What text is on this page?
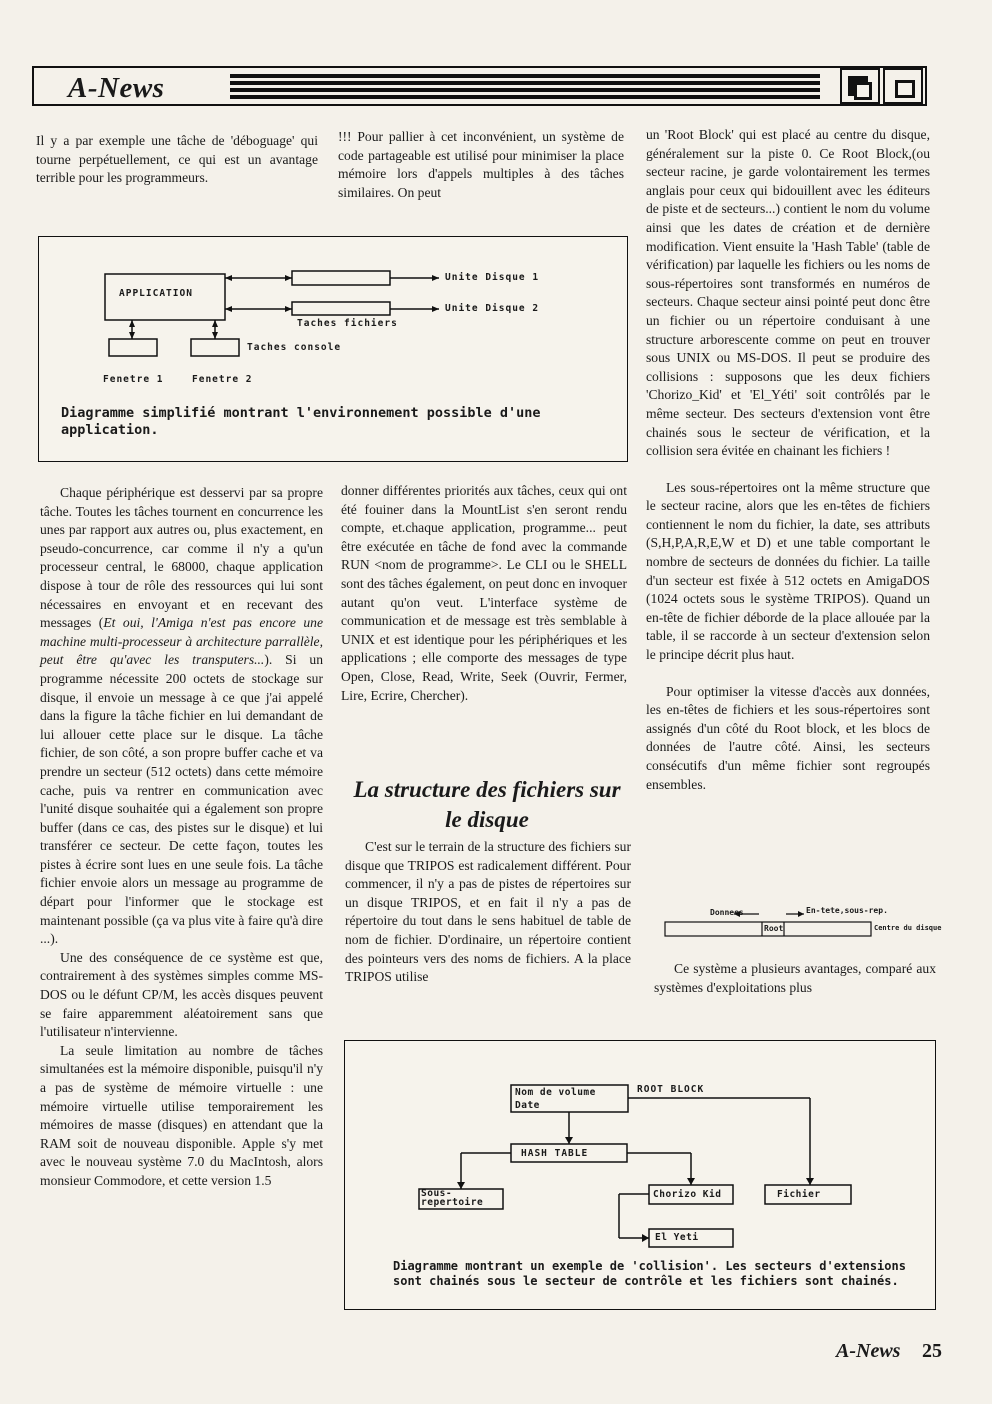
A-News

Il y a par exemple une tâche de 'déboguage' qui tourne perpétuellement, ce qui est un avantage terrible pour les programmeurs.

!!! Pour pallier à cet inconvénient, un système de code partageable est utilisé pour minimiser la place mémoire lors d'appels multiples à des tâches similaires. On peut

APPLICATION
Unite Disque 1
Unite Disque 2
Taches fichiers
Taches console
Fenetre 1	Fenetre 2
Diagramme simplifié montrant l'environnement possible d'une application.

un 'Root Block' qui est placé au centre du disque, généralement sur la piste 0. Ce Root Block,(ou secteur racine, je garde volontairement les termes anglais pour ceux qui bidouillent avec les éditeurs de piste et de secteurs...) contient le nom du volume ainsi que les dates de création et de dernière modification. Vient ensuite la 'Hash Table' (table de vérification) par laquelle les fichiers ou les noms de sous-répertoires sont transformés en numéros de secteurs. Chaque secteur ainsi pointé peut donc être un fichier ou un répertoire conduisant à une structure arborescente comme on peut en trouver sous UNIX ou MS-DOS. Il peut se produire des collisions : supposons que les deux fichiers 'Chorizo_Kid' et 'El_Yéti' soit contrôlés par le même secteur. Des secteurs d'extension vont être chainés sous le secteur de vérification, et la collision sera évitée en chainant les fichiers !

Les sous-répertoires ont la même structure que le secteur racine, alors que les en-têtes de fichiers contiennent le nom du fichier, la date, ses attributs (S,H,P,A,R,E,W et D) et une table comportant le nombre de secteurs de données du fichier. La taille d'un secteur est fixée à 512 octets en AmigaDOS (1024 octets sous le système TRIPOS). Quand un en-tête de fichier déborde de la place allouée par la table, il se raccorde à un secteur d'extension selon le principe décrit plus haut.

Pour optimiser la vitesse d'accès aux données, les en-têtes de fichiers et les sous-répertoires sont assignés d'un côté du Root block, et les blocs de données de l'autre côté. Ainsi, les secteurs consécutifs d'un même fichier sont regroupés ensembles.

Donnees	En-tete,sous-rep.
Root	Centre du disque

Ce système a plusieurs avantages, comparé aux systèmes d'exploitations plus

Chaque périphérique est desservi par sa propre tâche. Toutes les tâches tournent en concurrence les unes par rapport aux autres ou, plus exactement, en pseudo-concurrence, car comme il n'y a qu'un processeur central, le 68000, chaque application dispose à tour de rôle des ressources qui lui sont nécessaires en envoyant et en recevant des messages (Et oui, l'Amiga n'est pas encore une machine multi-processeur à architecture parrallèle, peut être qu'avec les transputers...). Si un programme nécessite 200 octets de stockage sur disque, il envoie un message à ce que j'ai appelé dans la figure la tâche fichier en lui demandant de lui allouer cette place sur le disque. La tâche fichier, de son côté, a son propre buffer cache et va prendre un secteur (512 octets) dans cette mémoire cache, puis va rentrer en communication avec l'unité disque souhaitée qui a également son propre buffer (dans ce cas, des pistes sur le disque) et lui transférer ce secteur. De cette façon, toutes les pistes à écrire sont lues en une seule fois. La tâche fichier envoie alors un message au programme de départ pour l'informer que le stockage est maintenant possible (ça va plus vite à faire qu'à dire ...).

Une des conséquence de ce système est que, contrairement à des systèmes simples comme MS-DOS ou le défunt CP/M, les accès disques peuvent se faire apparemment aléatoirement sans que l'utilisateur n'intervienne.

La seule limitation au nombre de tâches simultanées est la mémoire disponible, puisqu'il n'y a pas de système de mémoire virtuelle : une mémoire virtuelle utilise temporairement les mémoires de masse (disques) en attendant que la RAM soit de nouveau disponible. Apple s'y met avec le nouveau système 7.0 du MacIntosh, alors monsieur Commodore, et cette version 1.5

donner différentes priorités aux tâches, ceux qui ont été fouiner dans la MountList s'en seront rendu compte, et.chaque application, programme... peut être exécutée en tâche de fond avec la commande RUN <nom de programme>. Le CLI ou le SHELL sont des tâches également, on peut donc en invoquer autant qu'on veut. L'interface système de communication et de message est très semblable à UNIX et est identique pour les périphériques et les applications ; elle comporte des messages de type Open, Close, Read, Write, Seek (Ouvrir, Fermer, Lire, Ecrire, Chercher).

La structure des fichiers sur le disque

C'est sur le terrain de la structure des fichiers sur disque que TRIPOS est radicalement différent. Pour commencer, il n'y a pas de pistes de répertoires sur un disque TRIPOS, et en fait il n'y a pas de répertoire du tout dans le sens habituel de table de nom de fichier. D'ordinaire, un répertoire contient des pointeurs vers des noms de fichiers. A la place TRIPOS utilise

Nom de volume
Date
ROOT BLOCK
HASH TABLE
Sous-repertoire
Chorizo Kid	Fichier
El Yeti
Diagramme montrant un exemple de 'collision'. Les secteurs d'extensions sont chainés sous le secteur de contrôle et les fichiers sont chainés.
A-News 25
